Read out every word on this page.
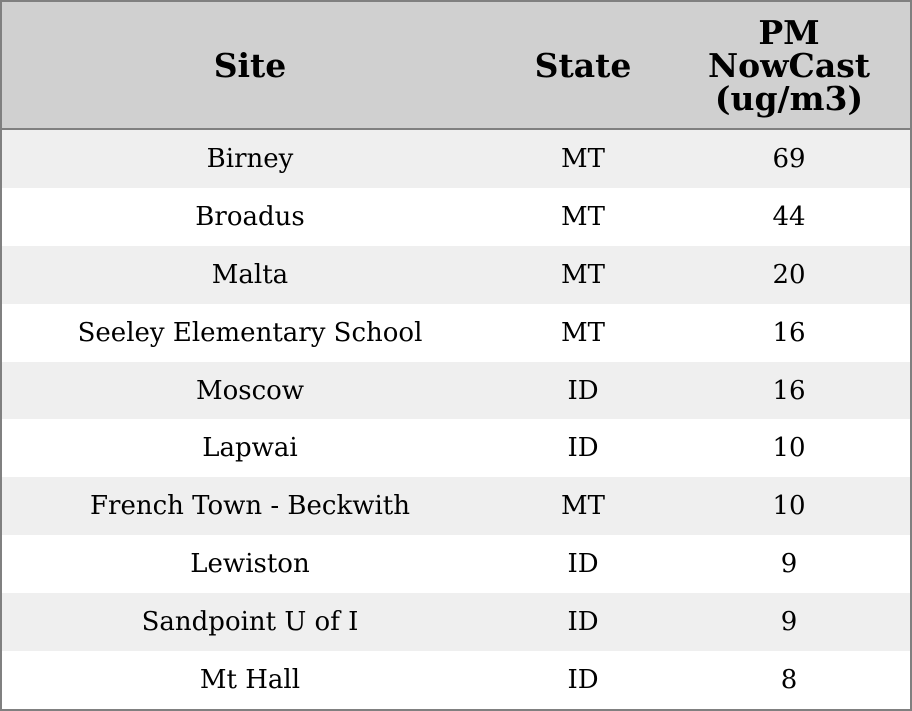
Site	State	PM NowCast (ug/m3)
Birney	MT	69
Broadus	MT	44
Malta	MT	20
Seeley Elementary School	MT	16
Moscow	ID	16
Lapwai	ID	10
French Town - Beckwith	MT	10
Lewiston	ID	9
Sandpoint U of I	ID	9
Mt Hall	ID	8
